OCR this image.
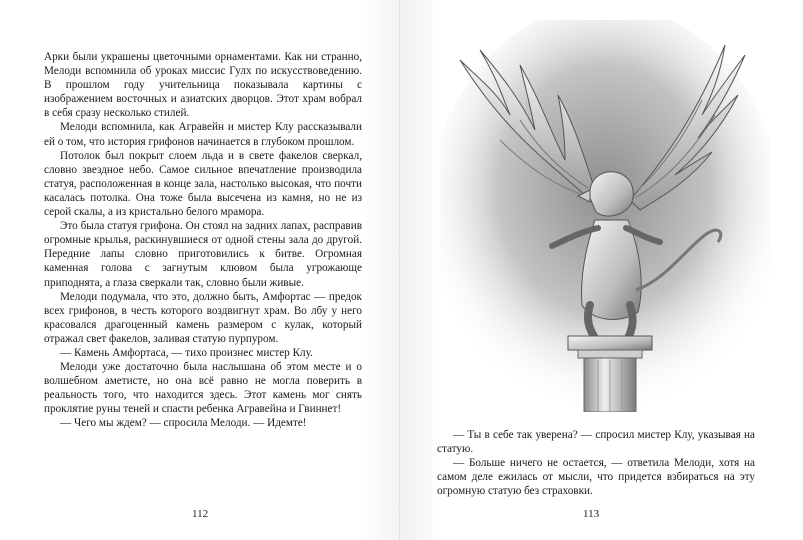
Арки были украшены цветочными орнаментами. Как ни странно, Мелоди вспомнила об уроках миссис Гулх по искусствоведению. В прошлом году учительница показывала картины с изображением восточных и азиатских дворцов. Этот храм вобрал в себя сразу несколько стилей.

Мелоди вспомнила, как Агравейн и мистер Клу рассказывали ей о том, что история грифонов начинается в глубоком прошлом.

Потолок был покрыт слоем льда и в свете факелов сверкал, словно звездное небо. Самое сильное впечатление производила статуя, расположенная в конце зала, настолько высокая, что почти касалась потолка. Она тоже была высечена из камня, но не из серой скалы, а из кристально белого мрамора.

Это была статуя грифона. Он стоял на задних лапах, расправив огромные крылья, раскинувшиеся от одной стены зала до другой. Передние лапы словно приготовились к битве. Огромная каменная голова с загнутым клювом была угрожающе приподнята, а глаза сверкали так, словно были живые.

Мелоди подумала, что это, должно быть, Амфортас — предок всех грифонов, в честь которого воздвигнут храм. Во лбу у него красовался драгоценный камень размером с кулак, который отражал свет факелов, заливая статую пурпуром.

— Камень Амфортаса, — тихо произнес мистер Клу.

Мелоди уже достаточно была наслышана об этом месте и о волшебном аметисте, но она всё равно не могла поверить в реальность того, что находится здесь. Этот камень мог снять проклятие руны теней и спасти ребенка Агравейна и Гвиннет!

— Чего мы ждем? — спросила Мелоди. — Идемте!

112

— Ты в себе так уверена? — спросил мистер Клу, указывая на статую.

— Больше ничего не остается, — ответила Мелоди, хотя на самом деле ежилась от мысли, что придется взбираться на эту огромную статую без страховки.

113
